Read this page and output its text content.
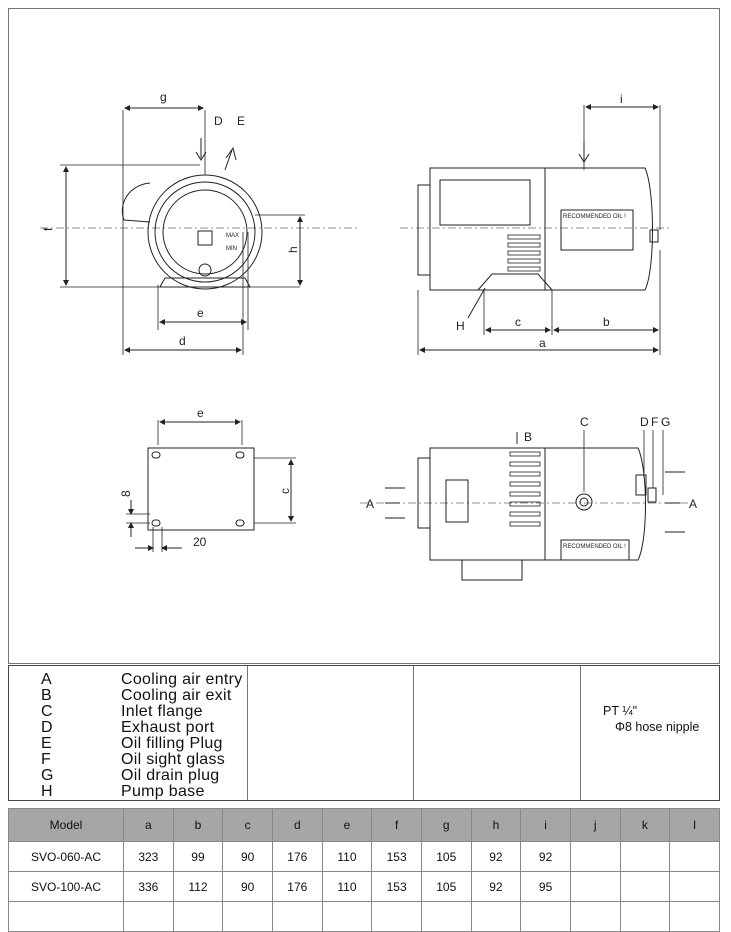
g
D E
f
h
e
d
i
H	c	b
a
e
c
8
20
B
C	D F G
A	A
MAX
MIN
RECOMMENDED OIL !
RECOMMENDED OIL !
A	Cooling air entry
B	Cooling air exit
C	Inlet flange
D	Exhaust port
E	Oil filling Plug
F	Oil sight glass
G	Oil drain plug
H	Pump base
PT ¼"
Φ8 hose nipple
Model	a	b	c	d	e	f	g	h	i	j	k	l
SVO-060-AC	323	99	90	176	110	153	105	92	92			
SVO-100-AC	336	112	90	176	110	153	105	92	95			
